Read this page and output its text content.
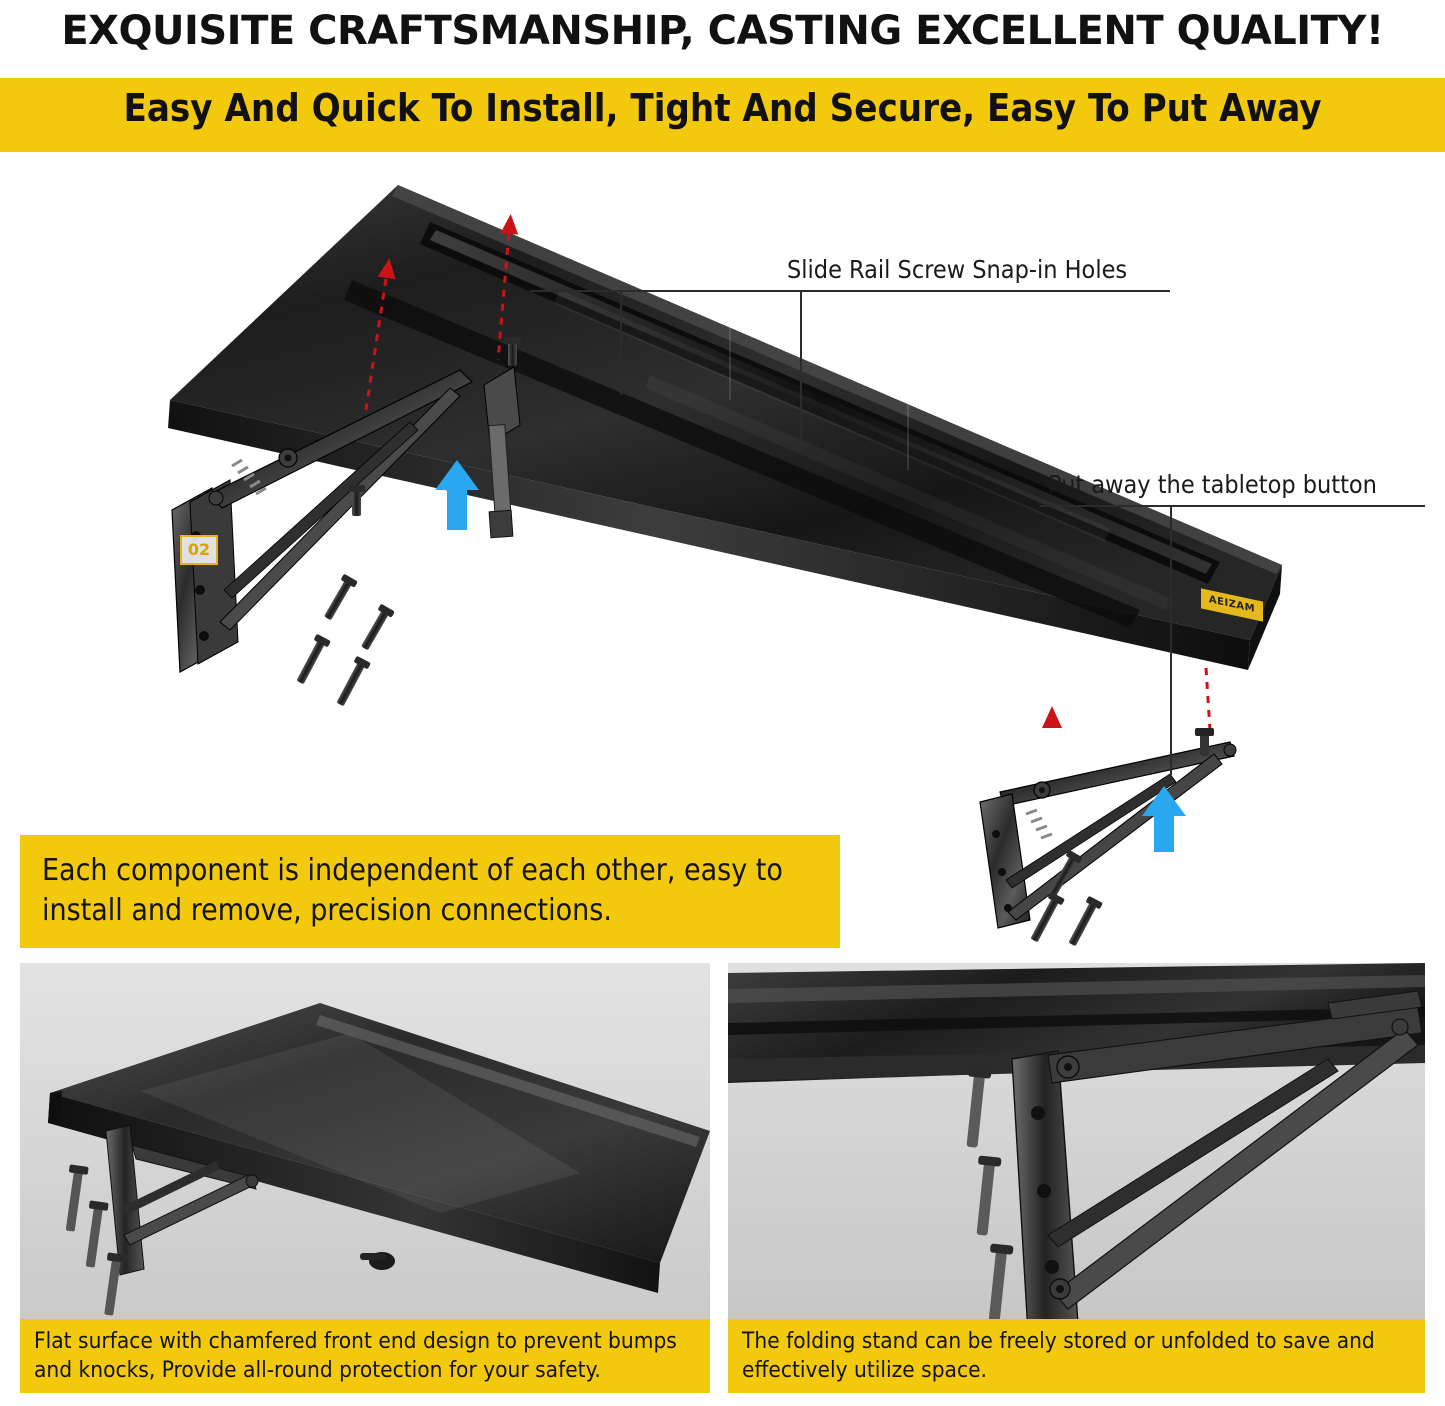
EXQUISITE CRAFTSMANSHIP, CASTING EXCELLENT QUALITY!
Easy And Quick To Install, Tight And Secure, Easy To Put Away
Slide Rail Screw Snap-in Holes
Put away the tabletop button
02
AEIZAM

Each component is independent of each other, easy to install and remove, precision connections.

Flat surface with chamfered front end design to prevent bumps and knocks, Provide all-round protection for your safety.

The folding stand can be freely stored or unfolded to save and effectively utilize space.
